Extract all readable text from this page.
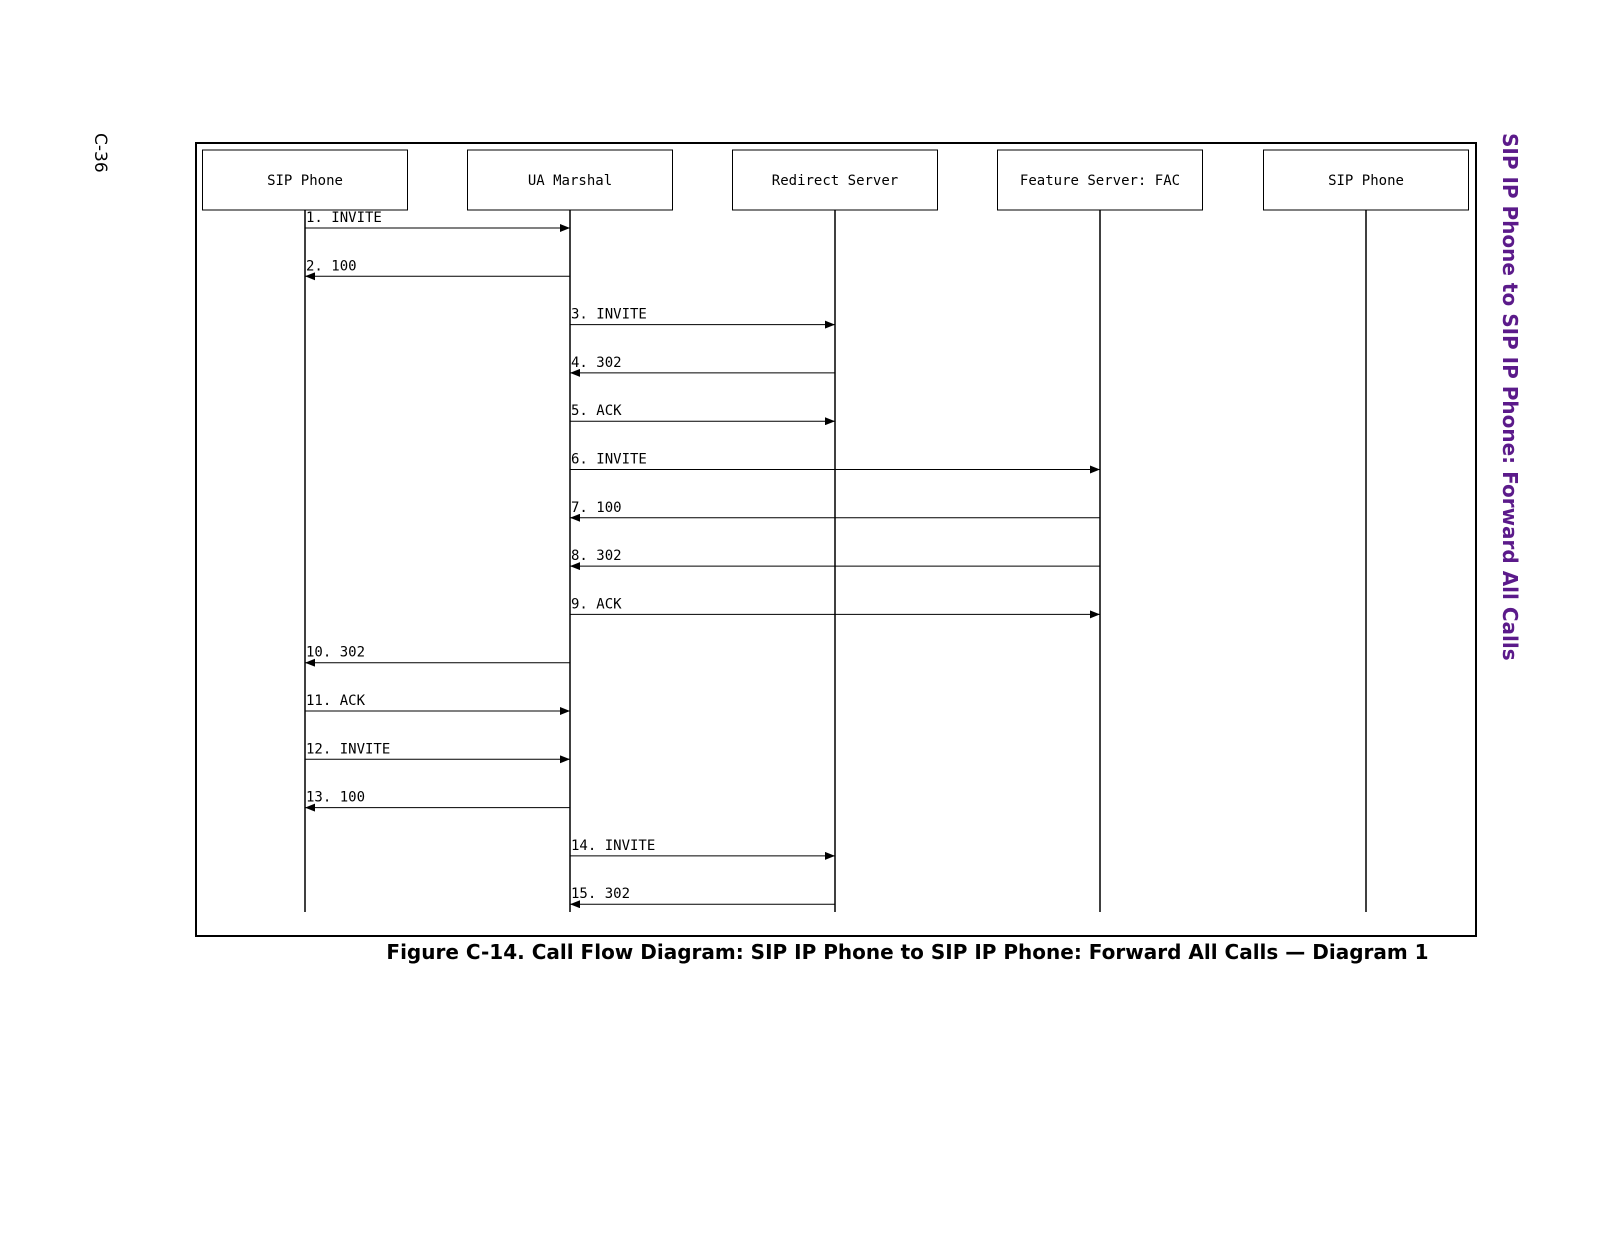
C-36	SIP IP Phone to SIP IP Phone: Forward All Calls
SIP Phone	UA Marshal	Redirect Server	Feature Server: FAC	SIP Phone
1. INVITE
2. 100
3. INVITE
4. 302
5. ACK
6. INVITE
7. 100
8. 302
9. ACK
10. 302
11. ACK
12. INVITE
13. 100
14. INVITE
15. 302
Figure C-14. Call Flow Diagram: SIP IP Phone to SIP IP Phone: Forward All Calls — Diagram 1
